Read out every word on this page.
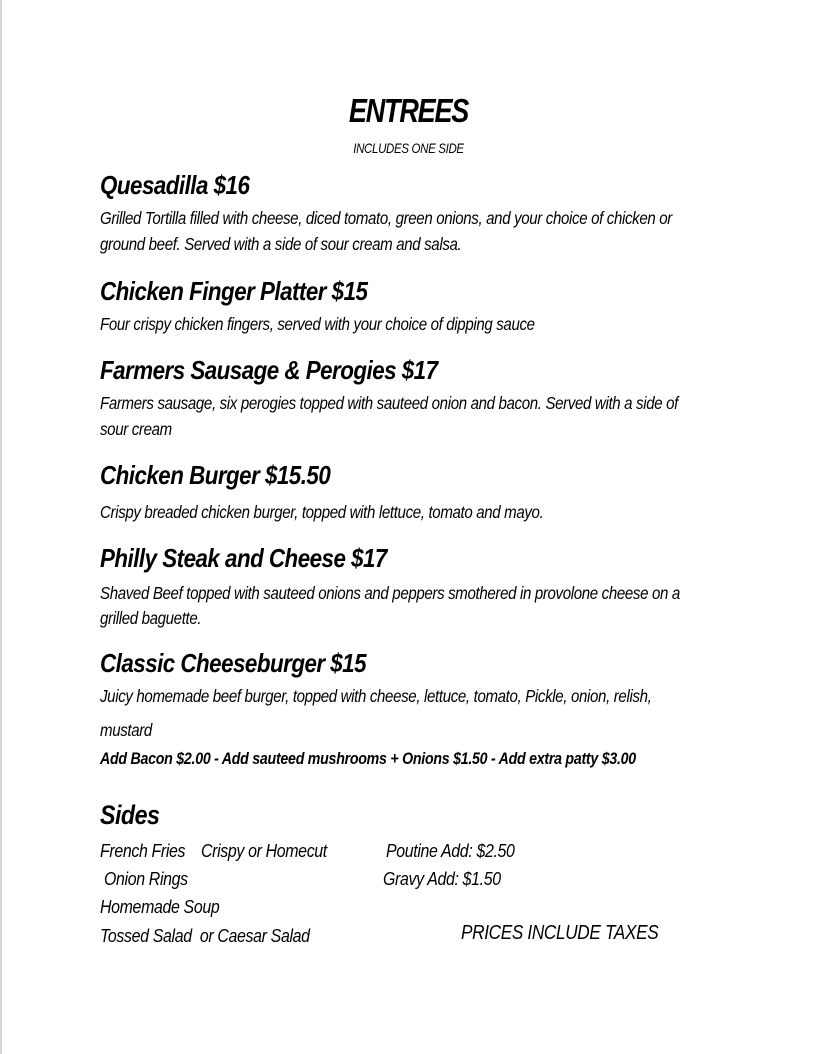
ENTREES
INCLUDES ONE SIDE
Quesadilla $16
Grilled Tortilla filled with cheese, diced tomato, green onions, and your choice of chicken or
ground beef. Served with a side of sour cream and salsa.
Chicken Finger Platter $15
Four crispy chicken fingers, served with your choice of dipping sauce
Farmers Sausage & Perogies $17
Farmers sausage, six perogies topped with sauteed onion and bacon. Served with a side of
sour cream
Chicken Burger $15.50
Crispy breaded chicken burger, topped with lettuce, tomato and mayo.
Philly Steak and Cheese $17
Shaved Beef topped with sauteed onions and peppers smothered in provolone cheese on a
grilled baguette.
Classic Cheeseburger $15
Juicy homemade beef burger, topped with cheese, lettuce, tomato, Pickle, onion, relish,
mustard
Add Bacon $2.00 - Add sauteed mushrooms + Onions $1.50 - Add extra patty $3.00
Sides
French Fries Crispy or Homecut	Poutine Add: $2.50
Onion Rings	Gravy Add: $1.50
Homemade Soup
Tossed Salad  or Caesar Salad	PRICES INCLUDE TAXES
